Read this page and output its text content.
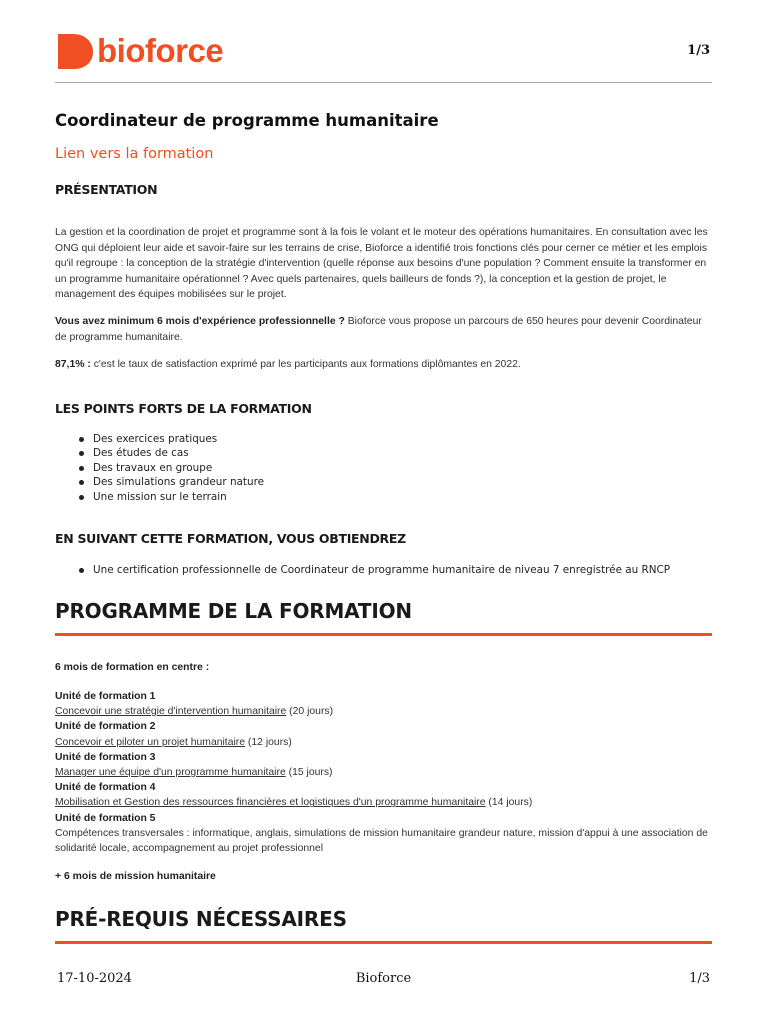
bioforce	1/3
Coordinateur de programme humanitaire
Lien vers la formation
PRÉSENTATION

La gestion et la coordination de projet et programme sont à la fois le volant et le moteur des opérations humanitaires. En consultation avec les ONG qui déploient leur aide et savoir-faire sur les terrains de crise, Bioforce a identifié trois fonctions clés pour cerner ce métier et les emplois qu'il regroupe : la conception de la stratégie d'intervention (quelle réponse aux besoins d'une population ? Comment ensuite la transformer en un programme humanitaire opérationnel ? Avec quels partenaires, quels bailleurs de fonds ?), la conception et la gestion de projet, le management des équipes mobilisées sur le projet.

Vous avez minimum 6 mois d'expérience professionnelle ? Bioforce vous propose un parcours de 650 heures pour devenir Coordinateur de programme humanitaire.

87,1% : c'est le taux de satisfaction exprimé par les participants aux formations diplômantes en 2022.

LES POINTS FORTS DE LA FORMATION
Des exercices pratiques
Des études de cas
Des travaux en groupe
Des simulations grandeur nature
Une mission sur le terrain
EN SUIVANT CETTE FORMATION, VOUS OBTIENDREZ
Une certification professionnelle de Coordinateur de programme humanitaire de niveau 7 enregistrée au RNCP
PROGRAMME DE LA FORMATION
6 mois de formation en centre :
Unité de formation 1
Concevoir une stratégie d'intervention humanitaire (20 jours)
Unité de formation 2
Concevoir et piloter un projet humanitaire (12 jours)
Unité de formation 3
Manager une équipe d'un programme humanitaire (15 jours)
Unité de formation 4
Mobilisation et Gestion des ressources financières et logistiques d'un programme humanitaire (14 jours)
Unité de formation 5
Compétences transversales : informatique, anglais, simulations de mission humanitaire grandeur nature, mission d'appui à une association de solidarité locale, accompagnement au projet professionnel
+ 6 mois de mission humanitaire
PRÉ-REQUIS NÉCESSAIRES
17-10-2024	Bioforce	1/3
